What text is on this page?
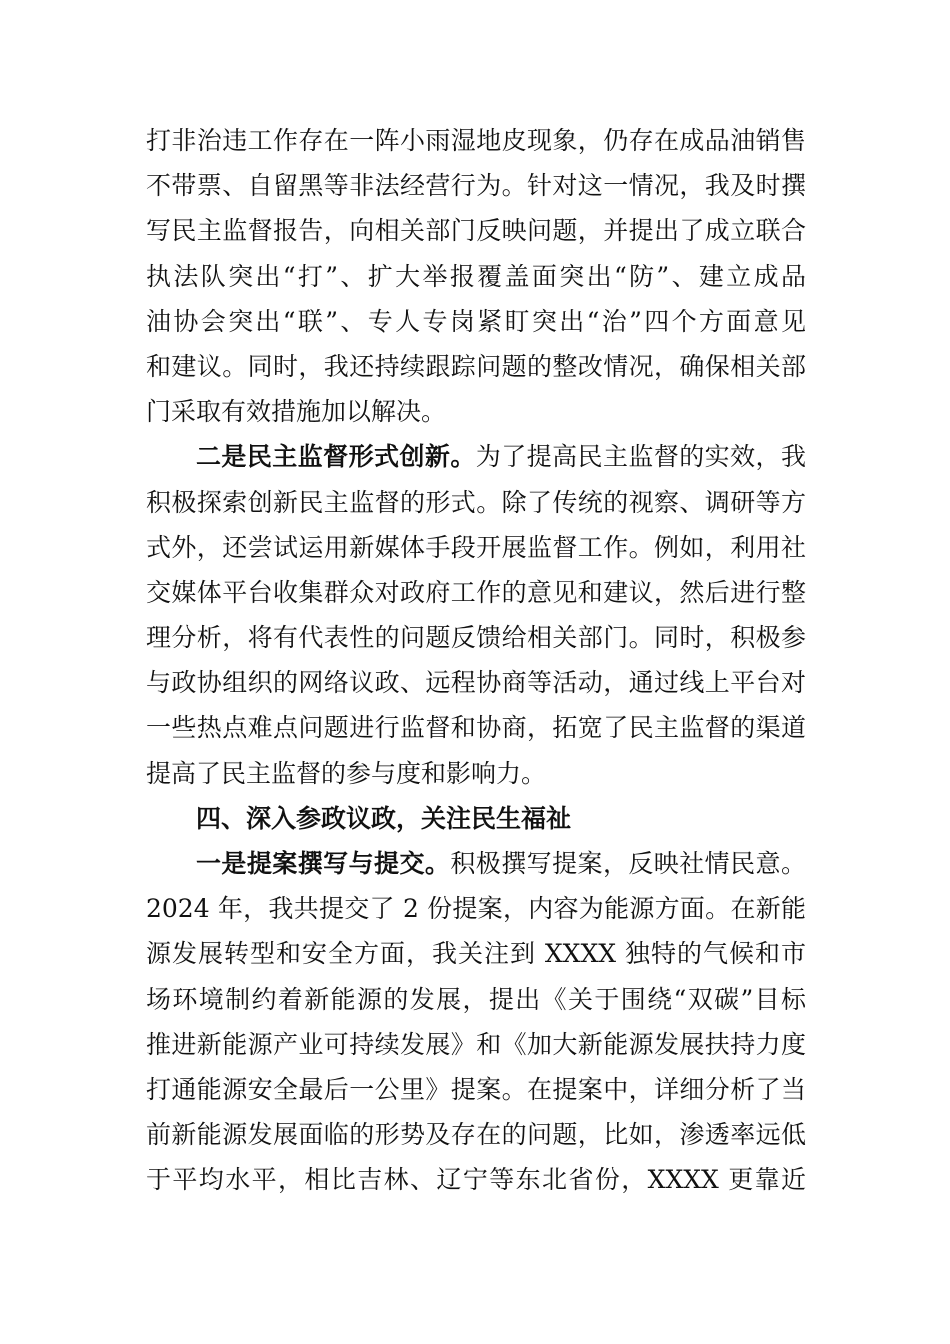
打非治违工作存在一阵小雨湿地皮现象，仍存在成品油销售
不带票、自留黑等非法经营行为。针对这一情况，我及时撰
写民主监督报告，向相关部门反映问题，并提出了成立联合
执法队突出“打”、扩大举报覆盖面突出“防”、建立成品
油协会突出“联”、专人专岗紧盯突出“治”四个方面意见
和建议。同时，我还持续跟踪问题的整改情况，确保相关部
门采取有效措施加以解决。
二是民主监督形式创新。为了提高民主监督的实效，我
积极探索创新民主监督的形式。除了传统的视察、调研等方
式外，还尝试运用新媒体手段开展监督工作。例如，利用社
交媒体平台收集群众对政府工作的意见和建议，然后进行整
理分析，将有代表性的问题反馈给相关部门。同时，积极参
与政协组织的网络议政、远程协商等活动，通过线上平台对
一些热点难点问题进行监督和协商，拓宽了民主监督的渠道
提高了民主监督的参与度和影响力。
四、深入参政议政，关注民生福祉
一是提案撰写与提交。积极撰写提案，反映社情民意。
2024 年，我共提交了 2 份提案，内容为能源方面。在新能
源发展转型和安全方面，我关注到 XXXX 独特的气候和市
场环境制约着新能源的发展，提出《关于围绕“双碳”目标
推进新能源产业可持续发展》和《加大新能源发展扶持力度
打通能源安全最后一公里》提案。在提案中，详细分析了当
前新能源发展面临的形势及存在的问题，比如，渗透率远低
于平均水平，相比吉林、辽宁等东北省份，XXXX 更靠近
